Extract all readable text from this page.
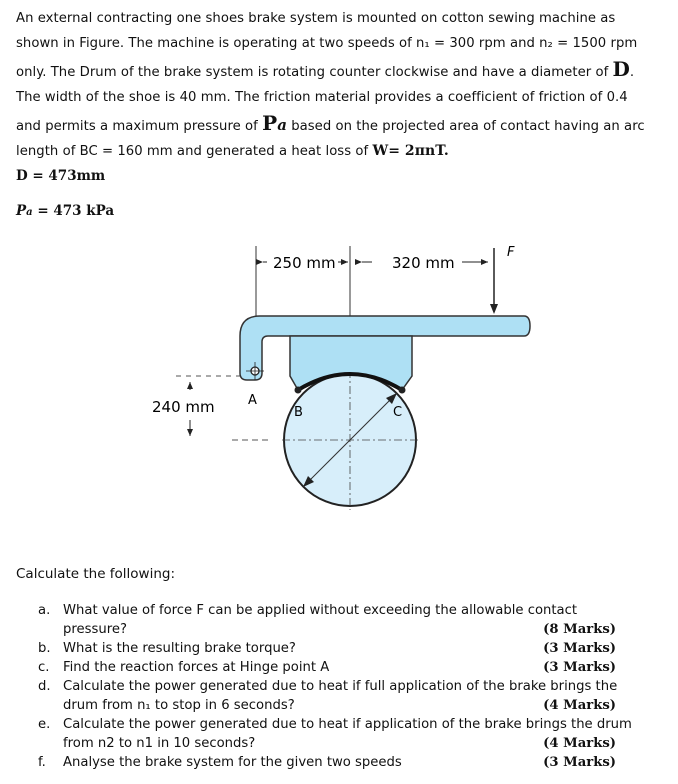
An external contracting one shoes brake system is mounted on cotton sewing machine as
shown in Figure. The machine is operating at two speeds of n₁ = 300 rpm and n₂ = 1500 rpm
only. The Drum of the brake system is rotating counter clockwise and have a diameter of D.
The width of the shoe is 40 mm. The friction material provides a coefficient of friction of 0.4
and permits a maximum pressure of Pa based on the projected area of contact having an arc
length of BC = 160 mm and generated a heat loss of W= 2πnT.
D = 473mm
Pa = 473 kPa
250 mm	320 mm
F
240 mm	A
B	C
Calculate the following:
a. What value of force F can be applied without exceeding the allowable contact
pressure?	(8 Marks)
b. What is the resulting brake torque?	(3 Marks)
c. Find the reaction forces at Hinge point A	(3 Marks)
d. Calculate the power generated due to heat if full application of the brake brings the
drum from n₁ to stop in 6 seconds?	(4 Marks)
e. Calculate the power generated due to heat if application of the brake brings the drum
from n2 to n1 in 10 seconds?	(4 Marks)
f. Analyse the brake system for the given two speeds	(3 Marks)
